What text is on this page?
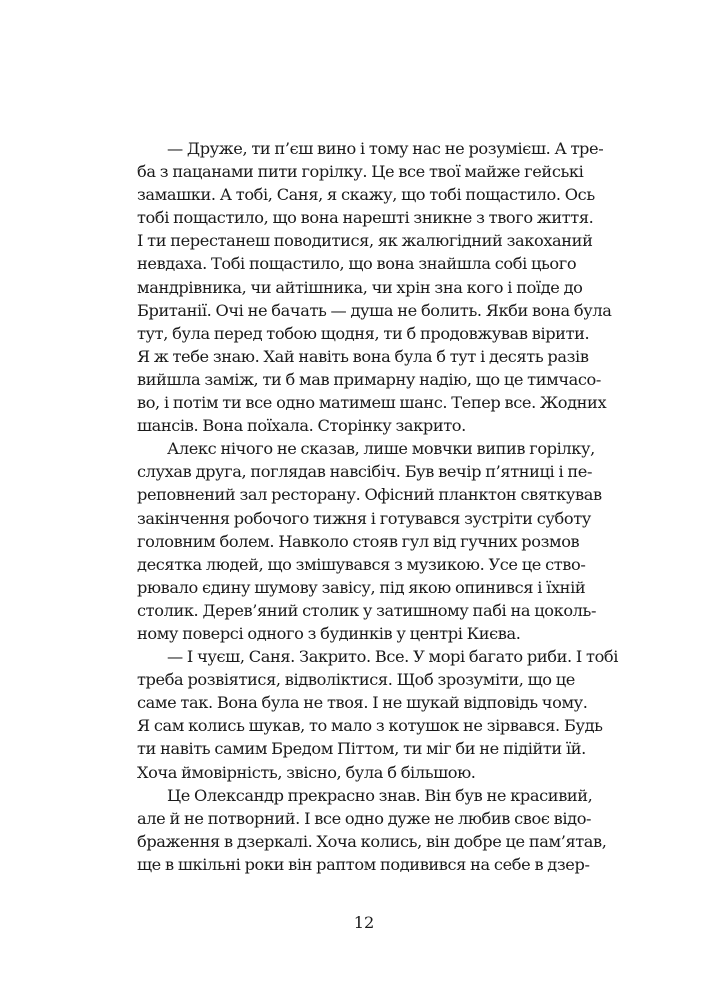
— Друже, ти п’єш вино і тому нас не розумієш. А тре-
ба з пацанами пити горілку. Це все твої майже гейські
замашки. А тобі, Саня, я скажу, що тобі пощастило. Ось
тобі пощастило, що вона нарешті зникне з твого життя.
І ти перестанеш поводитися, як жалюгідний закоханий
невдаха. Тобі пощастило, що вона знайшла собі цього
мандрівника, чи айтішника, чи хрін зна кого і поїде до
Британії. Очі не бачать — душа не болить. Якби вона була
тут, була перед тобою щодня, ти б продовжував вірити.
Я ж тебе знаю. Хай навіть вона була б тут і десять разів
вийшла заміж, ти б мав примарну надію, що це тимчасо-
во, і потім ти все одно матимеш шанс. Тепер все. Жодних
шансів. Вона поїхала. Сторінку закрито.
Алекс нічого не сказав, лише мовчки випив горілку,
слухав друга, поглядав навсібіч. Був вечір п’ятниці і пе-
реповнений зал ресторану. Офісний планктон святкував
закінчення робочого тижня і готувався зустріти суботу
головним болем. Навколо стояв гул від гучних розмов
десятка людей, що змішувався з музикою. Усе це ство-
рювало єдину шумову завісу, під якою опинився і їхній
столик. Дерев’яний столик у затишному пабі на цоколь-
ному поверсі одного з будинків у центрі Києва.
— І чуєш, Саня. Закрито. Все. У морі багато риби. І тобі
треба розвіятися, відволіктися. Щоб зрозуміти, що це
саме так. Вона була не твоя. І не шукай відповідь чому.
Я сам колись шукав, то мало з котушок не зірвався. Будь
ти навіть самим Бредом Піттом, ти міг би не підійти їй.
Хоча ймовірність, звісно, була б більшою.
Це Олександр прекрасно знав. Він був не красивий,
але й не потворний. І все одно дуже не любив своє відо-
браження в дзеркалі. Хоча колись, він добре це пам’ятав,
ще в шкільні роки він раптом подивився на себе в дзер-
12
